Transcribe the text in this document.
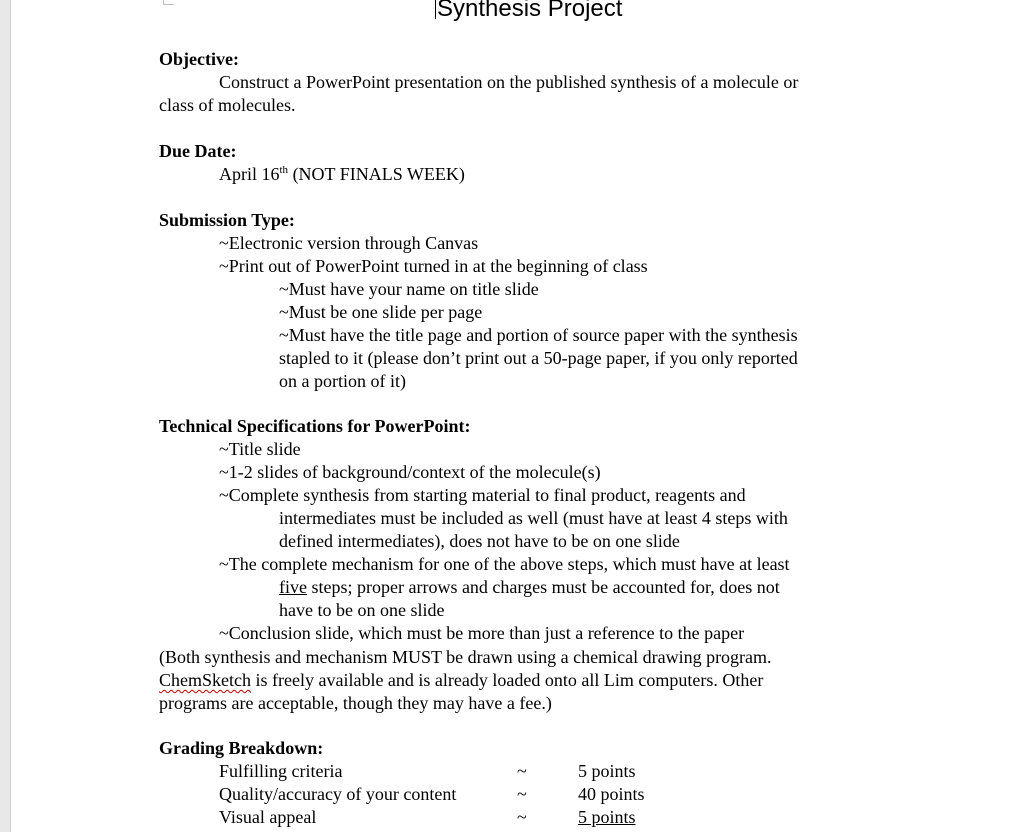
Synthesis Project
Objective:
Construct a PowerPoint presentation on the published synthesis of a molecule or
class of molecules.
Due Date:
April 16th (NOT FINALS WEEK)
Submission Type:
~Electronic version through Canvas
~Print out of PowerPoint turned in at the beginning of class
~Must have your name on title slide
~Must be one slide per page
~Must have the title page and portion of source paper with the synthesis
stapled to it (please don’t print out a 50-page paper, if you only reported
on a portion of it)
Technical Specifications for PowerPoint:
~Title slide
~1-2 slides of background/context of the molecule(s)
~Complete synthesis from starting material to final product, reagents and
intermediates must be included as well (must have at least 4 steps with
defined intermediates), does not have to be on one slide
~The complete mechanism for one of the above steps, which must have at least
five steps; proper arrows and charges must be accounted for, does not
have to be on one slide
~Conclusion slide, which must be more than just a reference to the paper
(Both synthesis and mechanism MUST be drawn using a chemical drawing program.
ChemSketch is freely available and is already loaded onto all Lim computers. Other
programs are acceptable, though they may have a fee.)
Grading Breakdown:
Fulfilling criteria	~	5 points
Quality/accuracy of your content	~	40 points
Visual appeal	~	5 points
